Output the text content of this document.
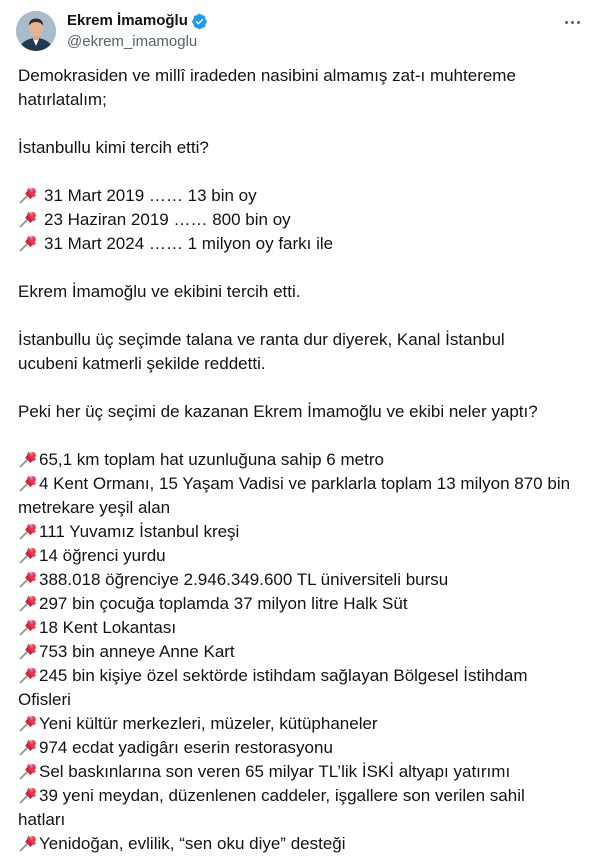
Ekrem İmamoğlu
@ekrem_imamoglu
Demokrasiden ve millî iradeden nasibini almamış zat-ı muhtereme
hatırlatalım;
İstanbullu kimi tercih etti?
31 Mart 2019 …… 13 bin oy
23 Haziran 2019 …… 800 bin oy
31 Mart 2024 …… 1 milyon oy farkı ile
Ekrem İmamoğlu ve ekibini tercih etti.
İstanbullu üç seçimde talana ve ranta dur diyerek, Kanal İstanbul
ucubeni katmerli şekilde reddetti.
Peki her üç seçimi de kazanan Ekrem İmamoğlu ve ekibi neler yaptı?
65,1 km toplam hat uzunluğuna sahip 6 metro
4 Kent Ormanı, 15 Yaşam Vadisi ve parklarla toplam 13 milyon 870 bin
metrekare yeşil alan
111 Yuvamız İstanbul kreşi
14 öğrenci yurdu
388.018 öğrenciye 2.946.349.600 TL üniversiteli bursu
297 bin çocuğa toplamda 37 milyon litre Halk Süt
18 Kent Lokantası
753 bin anneye Anne Kart
245 bin kişiye özel sektörde istihdam sağlayan Bölgesel İstihdam
Ofisleri
Yeni kültür merkezleri, müzeler, kütüphaneler
974 ecdat yadigârı eserin restorasyonu
Sel baskınlarına son veren 65 milyar TL’lik İSKİ altyapı yatırımı
39 yeni meydan, düzenlenen caddeler, işgallere son verilen sahil
hatları
Yenidoğan, evlilik, “sen oku diye” desteği
